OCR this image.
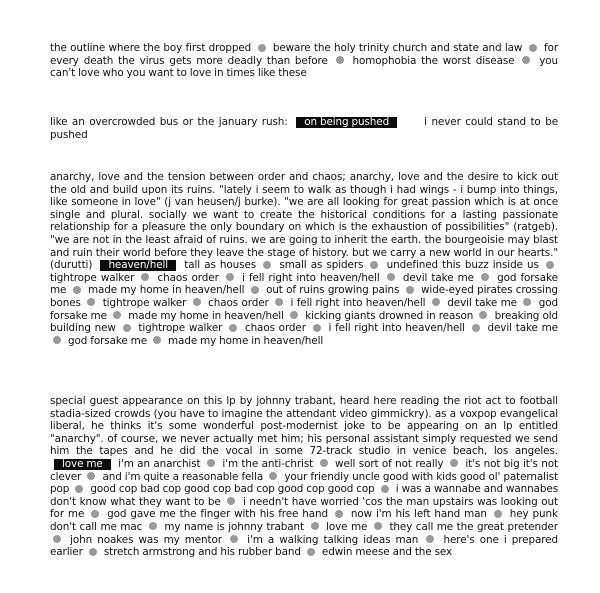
the outline where the boy first dropped beware the holy trinity church and state and law for every death the virus gets more deadly than before homophobia the worst disease you can't love who you want to love in times like these
like an overcrowded bus or the january rush: on being pushed	i never could stand to be pushed
anarchy, love and the tension between order and chaos; anarchy, love and the desire to kick out the old and build upon its ruins. "lately i seem to walk as though i had wings - i bump into things, like someone in love" (j van heusen/j burke). "we are all looking for great passion which is at once single and plural. socially we want to create the historical conditions for a lasting passionate relationship for a pleasure the only boundary on which is the exhaustion of possibilities" (ratgeb). "we are not in the least afraid of ruins. we are going to inherit the earth. the bourgeoisie may blast and ruin their world before they leave the stage of history. but we carry a new world in our hearts." (durutti) heaven/hell tall as houses small as spiders undefined this buzz inside us  tightrope walker chaos order i fell right into heaven/hell devil take me god forsake me made my home in heaven/hell out of ruins growing pains wide-eyed pirates crossing bones tightrope walker chaos order i fell right into heaven/hell devil take me god forsake me made my home in heaven/hell kicking giants drowned in reason breaking old building new tightrope walker chaos order i fell right into heaven/hell devil take me  god forsake me made my home in heaven/hell
special guest appearance on this lp by johnny trabant, heard here reading the riot act to football stadia-sized crowds (you have to imagine the attendant video gimmickry). as a voxpop evangelical liberal, he thinks it's some wonderful post-modernist joke to be appearing on an lp entitled "anarchy". of course, we never actually met him; his personal assistant simply requested we send him the tapes and he did the vocal in some 72-track studio in venice beach, los angeles. love me i'm an anarchist i'm the anti-christ well sort of not really it's not big it's not clever and i'm quite a reasonable fella your friendly uncle good with kids good ol' paternalist pop good cop bad cop good cop bad cop good cop good cop i was a wannabe and wannabes don't know what they want to be i needn't have worried 'cos the man upstairs was looking out for me god gave me the finger with his free hand now i'm his left hand man hey punk don't call me mac my name is johnny trabant love me they call me the great pretender  john noakes was my mentor i'm a walking talking ideas man here's one i prepared earlier stretch armstrong and his rubber band edwin meese and the sex
